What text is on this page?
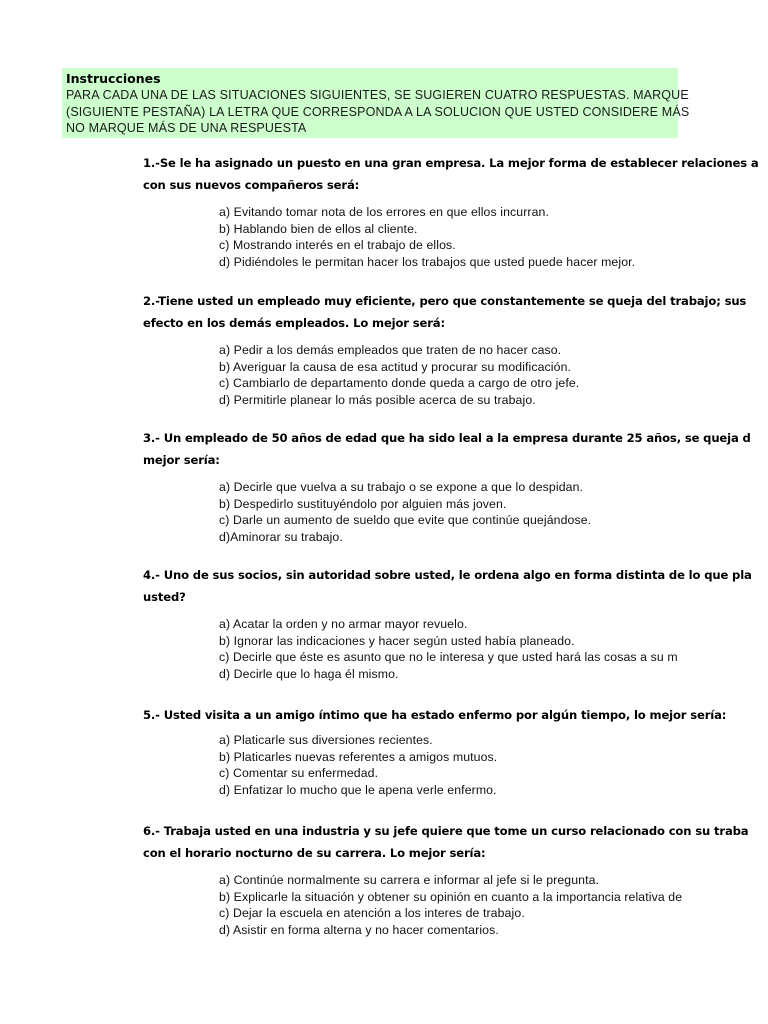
Instrucciones
PARA CADA UNA DE LAS SITUACIONES SIGUIENTES, SE SUGIEREN CUATRO RESPUESTAS. MARQUE
(SIGUIENTE PESTAÑA) LA LETRA QUE CORRESPONDA A LA SOLUCION QUE USTED CONSIDERE MÁS
NO MARQUE MÁS DE UNA RESPUESTA
1.-Se le ha asignado un puesto en una gran empresa. La mejor forma de establecer relaciones a
con sus nuevos compañeros será:
a) Evitando tomar nota de los errores en que ellos incurran.
b) Hablando bien de ellos al cliente.
c) Mostrando interés en el trabajo de ellos.
d) Pidiéndoles le permitan hacer los trabajos que usted puede hacer mejor.
2.-Tiene usted un empleado muy eficiente, pero que constantemente se queja del trabajo; sus
efecto en los demás empleados. Lo mejor será:
a) Pedir a los demás empleados que traten de no hacer caso.
b) Averiguar la causa de esa actitud y procurar su modificación.
c) Cambiarlo de departamento donde queda a cargo de otro jefe.
d) Permitirle planear lo más posible acerca de su trabajo.
3.- Un empleado de 50 años de edad que ha sido leal a la empresa durante 25 años, se queja d
mejor sería:
a) Decirle que vuelva a su trabajo o se expone a que lo despidan.
b) Despedirlo sustituyéndolo por alguien más joven.
c) Darle un aumento de sueldo que evite que continúe quejándose.
d)Aminorar su trabajo.
4.- Uno de sus socios, sin autoridad sobre usted, le ordena algo en forma distinta de lo que pla
usted?
a) Acatar la orden y no armar mayor revuelo.
b) Ignorar las indicaciones y hacer según usted había planeado.
c) Decirle que éste es asunto que no le interesa y que usted hará las cosas a su m
d) Decirle que lo haga él mismo.
5.- Usted visita a un amigo íntimo que ha estado enfermo por algún tiempo, lo mejor sería:
a) Platicarle sus diversiones recientes.
b) Platicarles nuevas referentes a amigos mutuos.
c) Comentar su enfermedad.
d) Enfatizar lo mucho que le apena verle enfermo.
6.- Trabaja usted en una industria y su jefe quiere que tome un curso relacionado con su traba
con el horario nocturno de su carrera. Lo mejor sería:
a) Continúe normalmente su carrera e informar al jefe si le pregunta.
b) Explicarle la situación y obtener su opinión en cuanto a la importancia relativa de
c) Dejar la escuela en atención a los interes de trabajo.
d) Asistir en forma alterna y no hacer comentarios.
